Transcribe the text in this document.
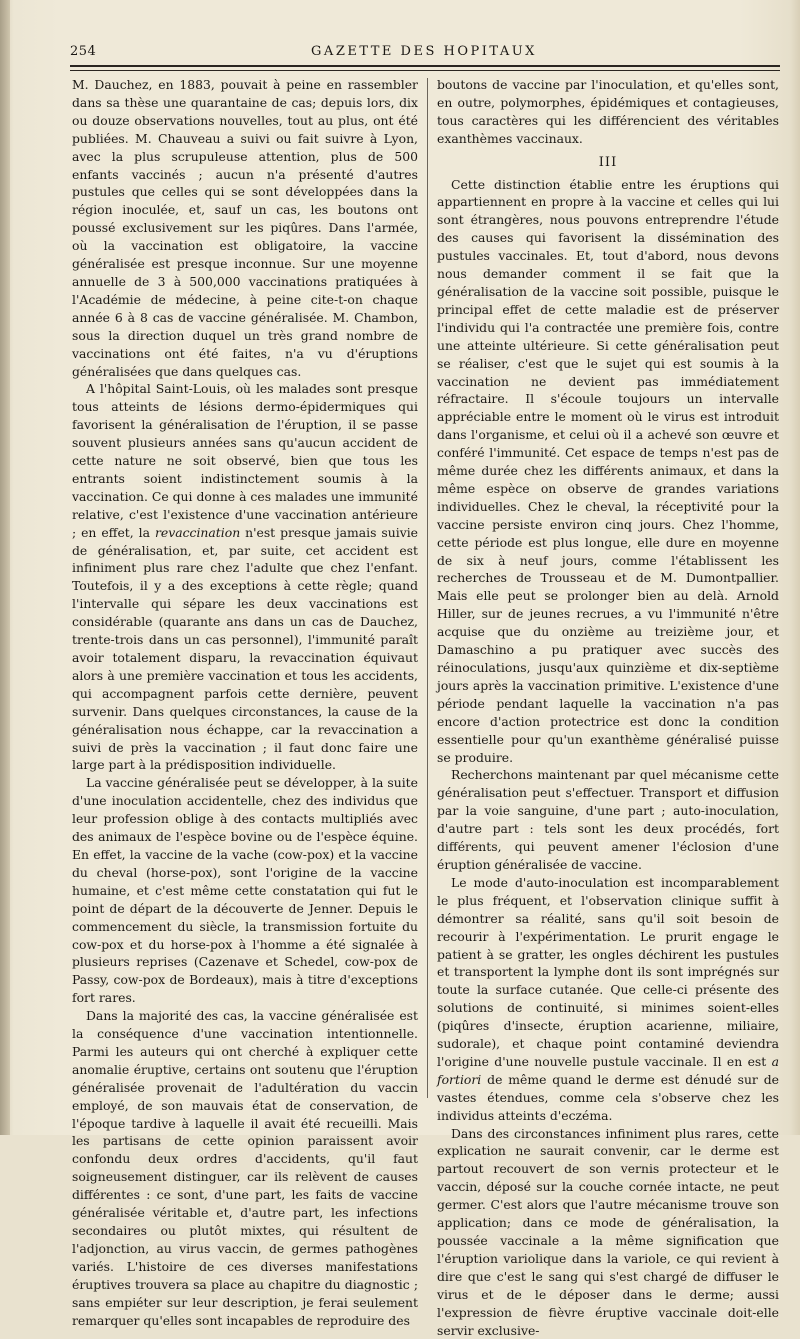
254	GAZETTE DES HOPITAUX

M. Dauchez, en 1883, pouvait à peine en rassembler dans sa thèse une quarantaine de cas; depuis lors, dix ou douze observations nouvelles, tout au plus, ont été publiées. M. Chauveau a suivi ou fait suivre à Lyon, avec la plus scrupuleuse attention, plus de 500 enfants vaccinés ; aucun n'a présenté d'autres pustules que celles qui se sont développées dans la région inoculée, et, sauf un cas, les boutons ont poussé exclusivement sur les piqûres. Dans l'armée, où la vaccination est obligatoire, la vaccine généralisée est presque inconnue. Sur une moyenne annuelle de 3 à 500,000 vaccinations pratiquées à l'Académie de médecine, à peine cite-t-on chaque année 6 à 8 cas de vaccine généralisée. M. Chambon, sous la direction duquel un très grand nombre de vaccinations ont été faites, n'a vu d'éruptions généralisées que dans quelques cas.

A l'hôpital Saint-Louis, où les malades sont presque tous atteints de lésions dermo-épidermiques qui favorisent la généralisation de l'éruption, il se passe souvent plusieurs années sans qu'aucun accident de cette nature ne soit observé, bien que tous les entrants soient indistinctement soumis à la vaccination. Ce qui donne à ces malades une immunité relative, c'est l'existence d'une vaccination antérieure ; en effet, la revaccination n'est presque jamais suivie de généralisation, et, par suite, cet accident est infiniment plus rare chez l'adulte que chez l'enfant. Toutefois, il y a des exceptions à cette règle; quand l'intervalle qui sépare les deux vaccinations est considérable (quarante ans dans un cas de Dauchez, trente-trois dans un cas personnel), l'immunité paraît avoir totalement disparu, la revaccination équivaut alors à une première vaccination et tous les accidents, qui accompagnent parfois cette dernière, peuvent survenir. Dans quelques circonstances, la cause de la généralisation nous échappe, car la revaccination a suivi de près la vaccination ; il faut donc faire une large part à la prédisposition individuelle.

La vaccine généralisée peut se développer, à la suite d'une inoculation accidentelle, chez des individus que leur profession oblige à des contacts multipliés avec des animaux de l'espèce bovine ou de l'espèce équine. En effet, la vaccine de la vache (cow-pox) et la vaccine du cheval (horse-pox), sont l'origine de la vaccine humaine, et c'est même cette constatation qui fut le point de départ de la découverte de Jenner. Depuis le commencement du siècle, la transmission fortuite du cow-pox et du horse-pox à l'homme a été signalée à plusieurs reprises (Cazenave et Schedel, cow-pox de Passy, cow-pox de Bordeaux), mais à titre d'exceptions fort rares.

Dans la majorité des cas, la vaccine généralisée est la conséquence d'une vaccination intentionnelle. Parmi les auteurs qui ont cherché à expliquer cette anomalie éruptive, certains ont soutenu que l'éruption généralisée provenait de l'adultération du vaccin employé, de son mauvais état de conservation, de l'époque tardive à laquelle il avait été recueilli. Mais les partisans de cette opinion paraissent avoir confondu deux ordres d'accidents, qu'il faut soigneusement distinguer, car ils relèvent de causes différentes : ce sont, d'une part, les faits de vaccine généralisée véritable et, d'autre part, les infections secondaires ou plutôt mixtes, qui résultent de l'adjonction, au virus vaccin, de germes pathogènes variés. L'histoire de ces diverses manifestations éruptives trouvera sa place au chapitre du diagnostic ; sans empiéter sur leur description, je ferai seulement remarquer qu'elles sont incapables de reproduire des

boutons de vaccine par l'inoculation, et qu'elles sont, en outre, polymorphes, épidémiques et contagieuses, tous caractères qui les différencient des véritables exanthèmes vaccinaux.

III

Cette distinction établie entre les éruptions qui appartiennent en propre à la vaccine et celles qui lui sont étrangères, nous pouvons entreprendre l'étude des causes qui favorisent la dissémination des pustules vaccinales. Et, tout d'abord, nous devons nous demander comment il se fait que la généralisation de la vaccine soit possible, puisque le principal effet de cette maladie est de préserver l'individu qui l'a contractée une première fois, contre une atteinte ultérieure. Si cette généralisation peut se réaliser, c'est que le sujet qui est soumis à la vaccination ne devient pas immédiatement réfractaire. Il s'écoule toujours un intervalle appréciable entre le moment où le virus est introduit dans l'organisme, et celui où il a achevé son œuvre et conféré l'immunité. Cet espace de temps n'est pas de même durée chez les différents animaux, et dans la même espèce on observe de grandes variations individuelles. Chez le cheval, la réceptivité pour la vaccine persiste environ cinq jours. Chez l'homme, cette période est plus longue, elle dure en moyenne de six à neuf jours, comme l'établissent les recherches de Trousseau et de M. Dumontpallier. Mais elle peut se prolonger bien au delà. Arnold Hiller, sur de jeunes recrues, a vu l'immunité n'être acquise que du onzième au treizième jour, et Damaschino a pu pratiquer avec succès des réinoculations, jusqu'aux quinzième et dix-septième jours après la vaccination primitive. L'existence d'une période pendant laquelle la vaccination n'a pas encore d'action protectrice est donc la condition essentielle pour qu'un exanthème généralisé puisse se produire.

Recherchons maintenant par quel mécanisme cette généralisation peut s'effectuer. Transport et diffusion par la voie sanguine, d'une part ; auto-inoculation, d'autre part : tels sont les deux procédés, fort différents, qui peuvent amener l'éclosion d'une éruption généralisée de vaccine.

Le mode d'auto-inoculation est incomparablement le plus fréquent, et l'observation clinique suffit à démontrer sa réalité, sans qu'il soit besoin de recourir à l'expérimentation. Le prurit engage le patient à se gratter, les ongles déchirent les pustules et transportent la lymphe dont ils sont imprégnés sur toute la surface cutanée. Que celle-ci présente des solutions de continuité, si minimes soient-elles (piqûres d'insecte, éruption acarienne, miliaire, sudorale), et chaque point contaminé deviendra l'origine d'une nouvelle pustule vaccinale. Il en est a fortiori de même quand le derme est dénudé sur de vastes étendues, comme cela s'observe chez les individus atteints d'eczéma.

Dans des circonstances infiniment plus rares, cette explication ne saurait convenir, car le derme est partout recouvert de son vernis protecteur et le vaccin, déposé sur la couche cornée intacte, ne peut germer. C'est alors que l'autre mécanisme trouve son application; dans ce mode de généralisation, la poussée vaccinale a la même signification que l'éruption variolique dans la variole, ce qui revient à dire que c'est le sang qui s'est chargé de diffuser le virus et de le déposer dans le derme; aussi l'expression de fièvre éruptive vaccinale doit-elle servir exclusive-
